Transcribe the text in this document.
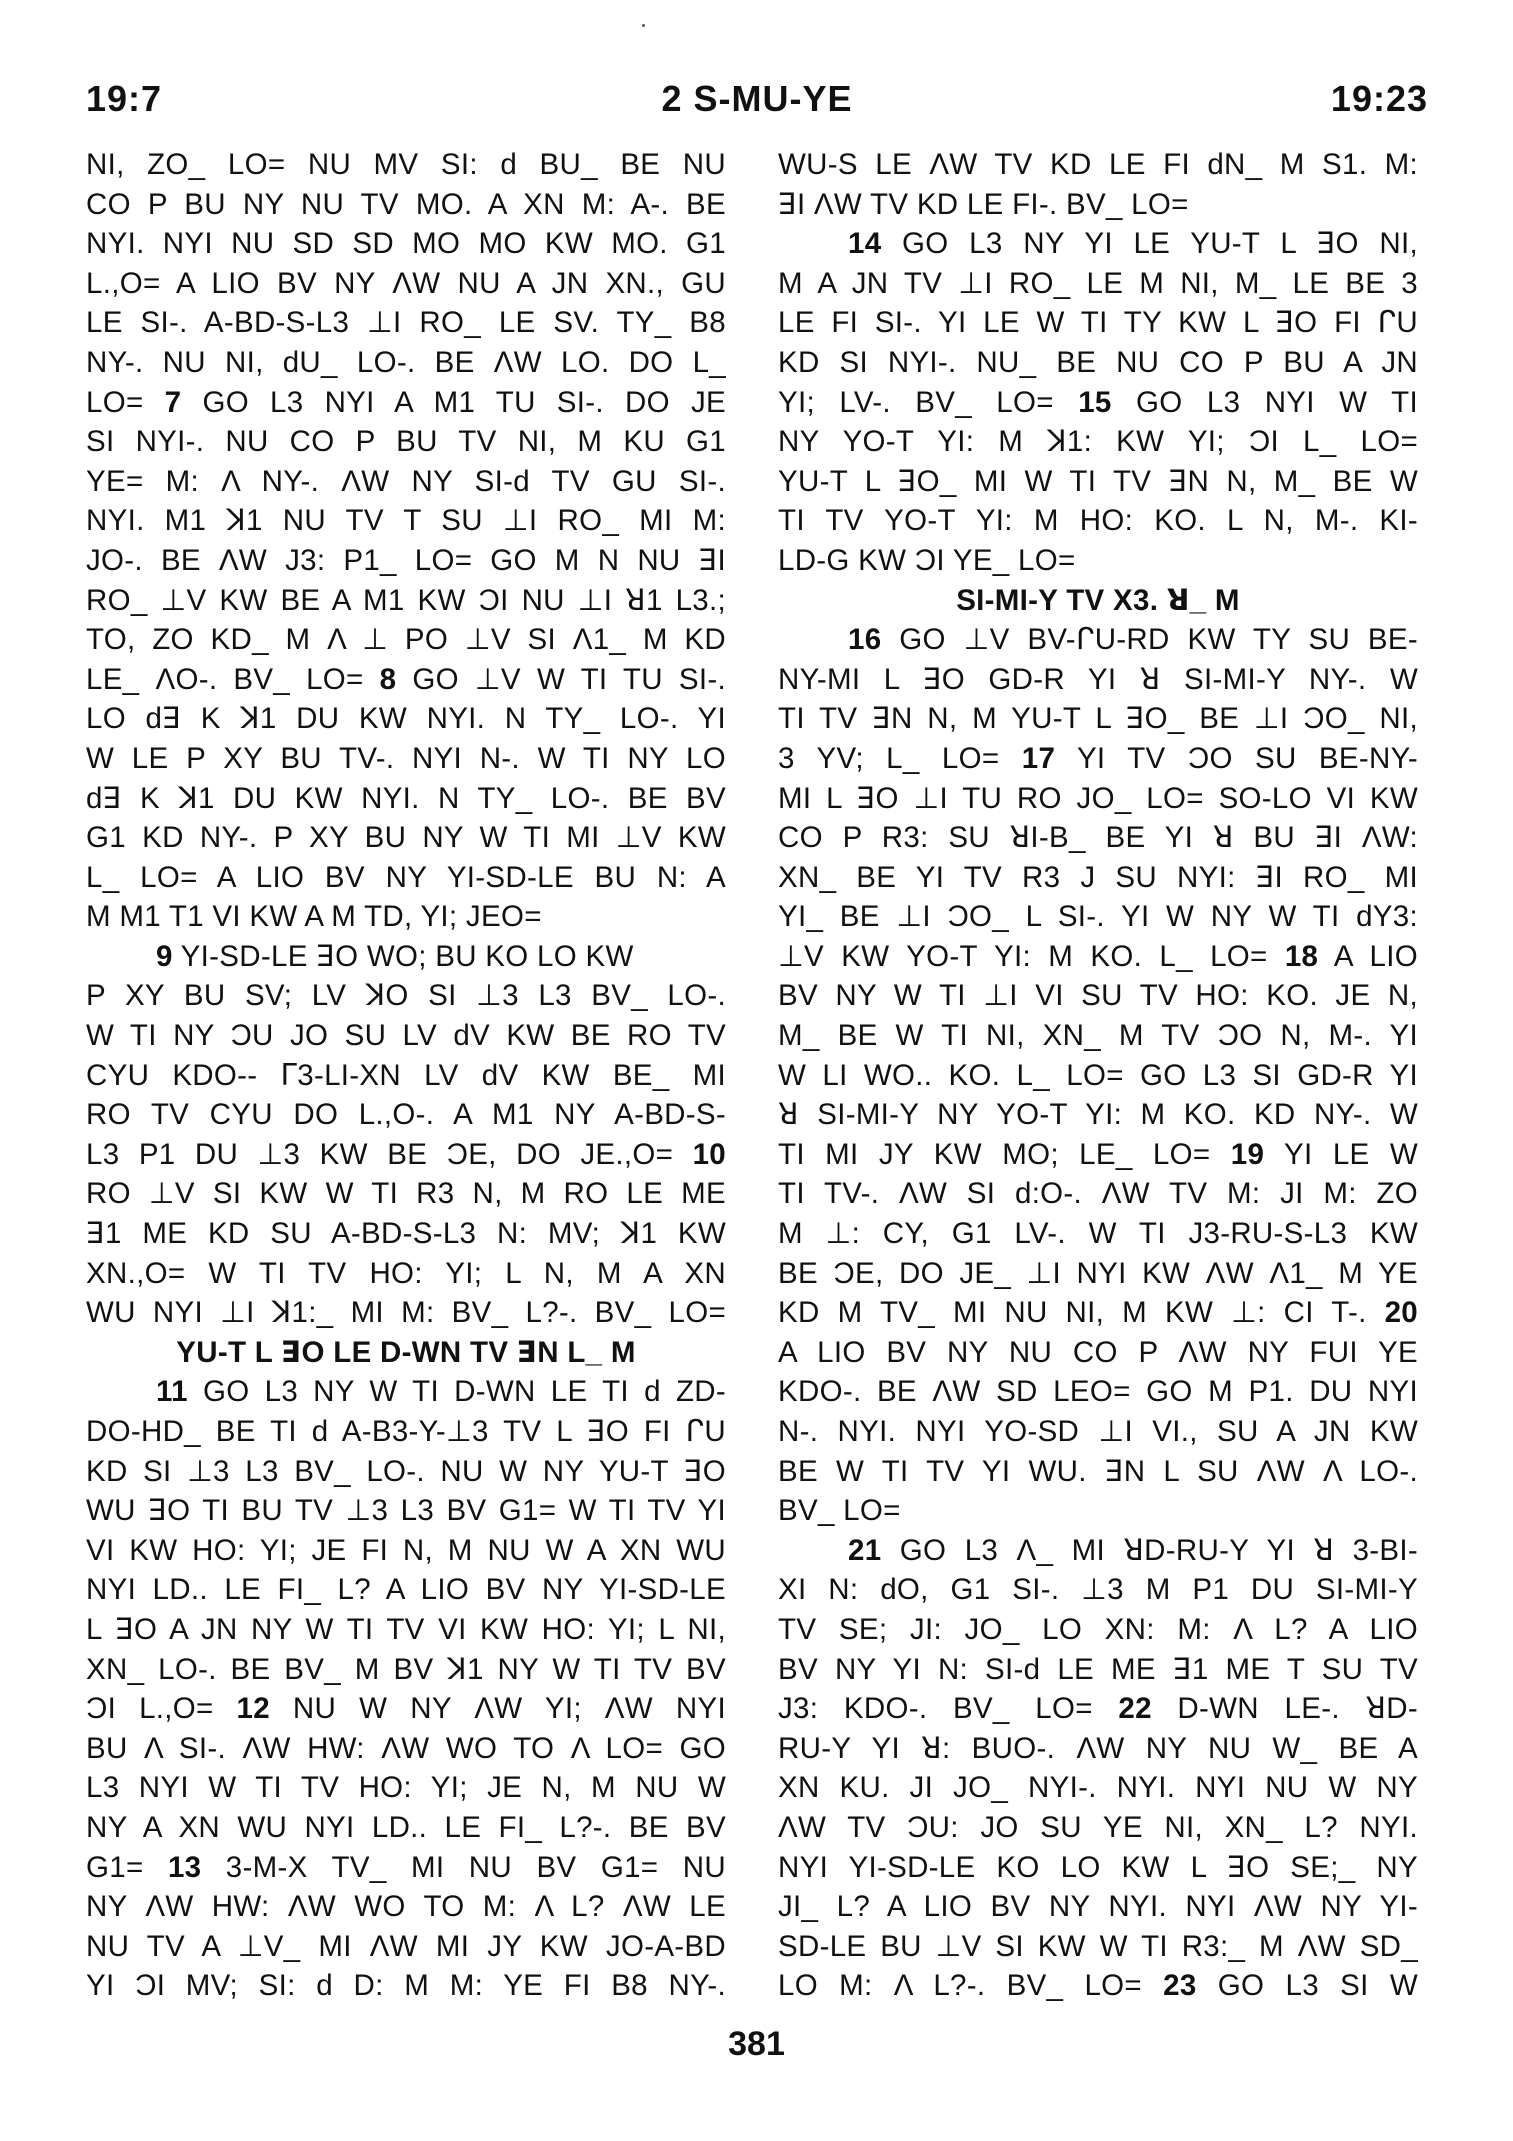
19:7	2 S-MU-YE	19:23
NI, ZO_ LO= NU MV SI: d BU_ BE NU
CO P BU NY NU TV MO. A XN M: A-. BE
NYI. NYI NU SD SD MO MO KW MO. G1
L.,O= A LIO BV NY ΛW NU A JN XN., GU
LE SI-. A-BD-S-L3 ⊥I RO_ LE SV. TY_ B8
NY-. NU NI, dU_ LO-. BE ΛW LO. DO L_
LO= 7 GO L3 NYI A M1 TU SI-. DO JE
SI NYI-. NU CO P BU TV NI, M KU G1
YE= M: Λ NY-. ΛW NY SI-d TV GU SI-.
NYI. M1 ꓘ1 NU TV T SU ⊥I RO_ MI M:
JO-. BE ΛW J3: P1_ LO= GO M N NU ꓱI
RO_ ⊥V KW BE A M1 KW ƆI NU ⊥I ꓤ1 L3.;
TO, ZO KD_ M Λ ⊥ PO ⊥V SI Λ1_ M KD
LE_ ΛO-. BV_ LO= 8 GO ⊥V W TI TU SI-.
LO dꓱ K ꓘ1 DU KW NYI. N TY_ LO-. YI
W LE P XY BU TV-. NYI N-. W TI NY LO
dꓱ K ꓘ1 DU KW NYI. N TY_ LO-. BE BV
G1 KD NY-. P XY BU NY W TI MI ⊥V KW
L_ LO= A LIO BV NY YI-SD-LE BU N: A
M M1 T1 VI KW A M TD, YI; JEO=
9 YI-SD-LE ꓱO WO; BU KO LO KW
P XY BU SV; LV ꓘO SI ⊥3 L3 BV_ LO-.
W TI NY ƆU JO SU LV dV KW BE RO TV
CYU KDO-- ᒥ3-LI-XN LV dV KW BE_ MI
RO TV CYU DO L.,O-. A M1 NY A-BD-S-
L3 P1 DU ⊥3 KW BE ƆE, DO JE.,O= 10
RO ⊥V SI KW W TI R3 N, M RO LE ME
ꓱ1 ME KD SU A-BD-S-L3 N: MV; ꓘ1 KW
XN.,O= W TI TV HO: YI; L N, M A XN
WU NYI ⊥I ꓘ1:_ MI M: BV_ L?-. BV_ LO=
YU-T L ꓱO LE D-WN TV ꓱN L_ M
11 GO L3 NY W TI D-WN LE TI d ZD-
DO-HD_ BE TI d A-B3-Y-⊥3 TV L ꓱO FI ᒋU
KD SI ⊥3 L3 BV_ LO-. NU W NY YU-T ꓱO
WU ꓱO TI BU TV ⊥3 L3 BV G1= W TI TV YI
VI KW HO: YI; JE FI N, M NU W A XN WU
NYI LD.. LE FI_ L? A LIO BV NY YI-SD-LE
L ꓱO A JN NY W TI TV VI KW HO: YI; L NI,
XN_ LO-. BE BV_ M BV ꓘ1 NY W TI TV BV
ƆI L.,O= 12 NU W NY ΛW YI; ΛW NYI
BU Λ SI-. ΛW HW: ΛW WO TO Λ LO= GO
L3 NYI W TI TV HO: YI; JE N, M NU W
NY A XN WU NYI LD.. LE FI_ L?-. BE BV
G1= 13 3-M-X TV_ MI NU BV G1= NU
NY ΛW HW: ΛW WO TO M: Λ L? ΛW LE
NU TV A ⊥V_ MI ΛW MI JY KW JO-A-BD
YI ƆI MV; SI: d D: M M: YE FI B8 NY-.
WU-S LE ΛW TV KD LE FI dN_ M S1. M:
ꓱI ΛW TV KD LE FI-. BV_ LO=
14 GO L3 NY YI LE YU-T L ꓱO NI,
M A JN TV ⊥I RO_ LE M NI, M_ LE BE 3
LE FI SI-. YI LE W TI TY KW L ꓱO FI ᒋU
KD SI NYI-. NU_ BE NU CO P BU A JN
YI; LV-. BV_ LO= 15 GO L3 NYI W TI
NY YO-T YI: M ꓘ1: KW YI; ƆI L_ LO=
YU-T L ꓱO_ MI W TI TV ꓱN N, M_ BE W
TI TV YO-T YI: M HO: KO. L N, M-. KI-
LD-G KW ƆI YE_ LO=
SI-MI-Y TV X3. ꓤ_ M
16 GO ⊥V BV-ᒋU-RD KW TY SU BE-
NY-MI L ꓱO GD-R YI ꓤ SI-MI-Y NY-. W
TI TV ꓱN N, M YU-T L ꓱO_ BE ⊥I ƆO_ NI,
3 YV; L_ LO= 17 YI TV ƆO SU BE-NY-
MI L ꓱO ⊥I TU RO JO_ LO= SO-LO VI KW
CO P R3: SU ꓤI-B_ BE YI ꓤ BU ꓱI ΛW:
XN_ BE YI TV R3 J SU NYI: ꓱI RO_ MI
YI_ BE ⊥I ƆO_ L SI-. YI W NY W TI dY3:
⊥V KW YO-T YI: M KO. L_ LO= 18 A LIO
BV NY W TI ⊥I VI SU TV HO: KO. JE N,
M_ BE W TI NI, XN_ M TV ƆO N, M-. YI
W LI WO.. KO. L_ LO= GO L3 SI GD-R YI
ꓤ SI-MI-Y NY YO-T YI: M KO. KD NY-. W
TI MI JY KW MO; LE_ LO= 19 YI LE W
TI TV-. ΛW SI d:O-. ΛW TV M: JI M: ZO
M ⊥: CY, G1 LV-. W TI J3-RU-S-L3 KW
BE ƆE, DO JE_ ⊥I NYI KW ΛW Λ1_ M YE
KD M TV_ MI NU NI, M KW ⊥: CI T-. 20
A LIO BV NY NU CO P ΛW NY FUI YE
KDO-. BE ΛW SD LEO= GO M P1. DU NYI
N-. NYI. NYI YO-SD ⊥I VI., SU A JN KW
BE W TI TV YI WU. ꓱN L SU ΛW Λ LO-.
BV_ LO=
21 GO L3 Λ_ MI ꓤD-RU-Y YI ꓤ 3-BI-
XI N: dO, G1 SI-. ⊥3 M P1 DU SI-MI-Y
TV SE; JI: JO_ LO XN: M: Λ L? A LIO
BV NY YI N: SI-d LE ME ꓱ1 ME T SU TV
J3: KDO-. BV_ LO= 22 D-WN LE-. ꓤD-
RU-Y YI ꓤ: BUO-. ΛW NY NU W_ BE A
XN KU. JI JO_ NYI-. NYI. NYI NU W NY
ΛW TV ƆU: JO SU YE NI, XN_ L? NYI.
NYI YI-SD-LE KO LO KW L ꓱO SE;_ NY
JI_ L? A LIO BV NY NYI. NYI ΛW NY YI-
SD-LE BU ⊥V SI KW W TI R3:_ M ΛW SD_
LO M: Λ L?-. BV_ LO= 23 GO L3 SI W
381
